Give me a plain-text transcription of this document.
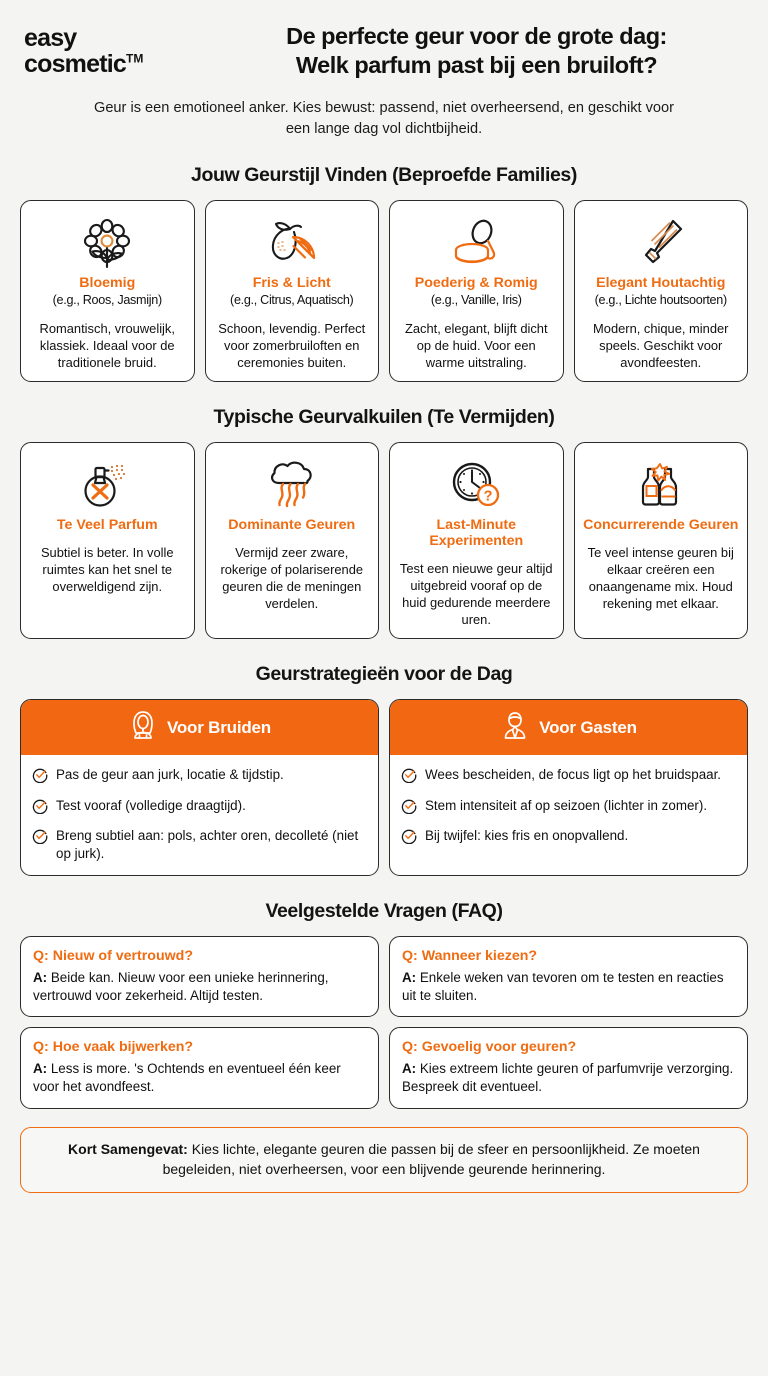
easy
cosmetic™
De perfecte geur voor de grote dag:
Welk parfum past bij een bruiloft?
Geur is een emotioneel anker. Kies bewust: passend, niet overheersend, en geschikt voor een lange dag vol dichtbijheid.
Jouw Geurstijl Vinden (Beproefde Families)
Bloemig
(e.g., Roos, Jasmijn)
Romantisch, vrouwelijk, klassiek. Ideaal voor de traditionele bruid.
Fris & Licht
(e.g., Citrus, Aquatisch)
Schoon, levendig. Perfect voor zomerbruiloften en ceremonies buiten.
Poederig & Romig
(e.g., Vanille, Iris)
Zacht, elegant, blijft dicht op de huid. Voor een warme uitstraling.
Elegant Houtachtig
(e.g., Lichte houtsoorten)
Modern, chique, minder speels. Geschikt voor avondfeesten.
Typische Geurvalkuilen (Te Vermijden)
Te Veel Parfum
Subtiel is beter. In volle ruimtes kan het snel te overweldigend zijn.
Dominante Geuren
Vermijd zeer zware, rokerige of polariserende geuren die de meningen verdelen.
?
Last-Minute Experimenten
Test een nieuwe geur altijd uitgebreid vooraf op de huid gedurende meerdere uren.
Concurrerende Geuren
Te veel intense geuren bij elkaar creëren een onaangename mix. Houd rekening met elkaar.
Geurstrategieën voor de Dag
Voor Bruiden
Pas de geur aan jurk, locatie & tijdstip.
Test vooraf (volledige draagtijd).
Breng subtiel aan: pols, achter oren, decolleté (niet op jurk).
Voor Gasten
Wees bescheiden, de focus ligt op het bruidspaar.
Stem intensiteit af op seizoen (lichter in zomer).
Bij twijfel: kies fris en onopvallend.
Veelgestelde Vragen (FAQ)
Q: Nieuw of vertrouwd?
A: Beide kan. Nieuw voor een unieke herinnering, vertrouwd voor zekerheid. Altijd testen.
Q: Wanneer kiezen?
A: Enkele weken van tevoren om te testen en reacties uit te sluiten.
Q: Hoe vaak bijwerken?
A: Less is more. 's Ochtends en eventueel één keer voor het avondfeest.
Q: Gevoelig voor geuren?
A: Kies extreem lichte geuren of parfumvrije verzorging. Bespreek dit eventueel.
Kort Samengevat: Kies lichte, elegante geuren die passen bij de sfeer en persoonlijkheid. Ze moeten begeleiden, niet overheersen, voor een blijvende geurende herinnering.
